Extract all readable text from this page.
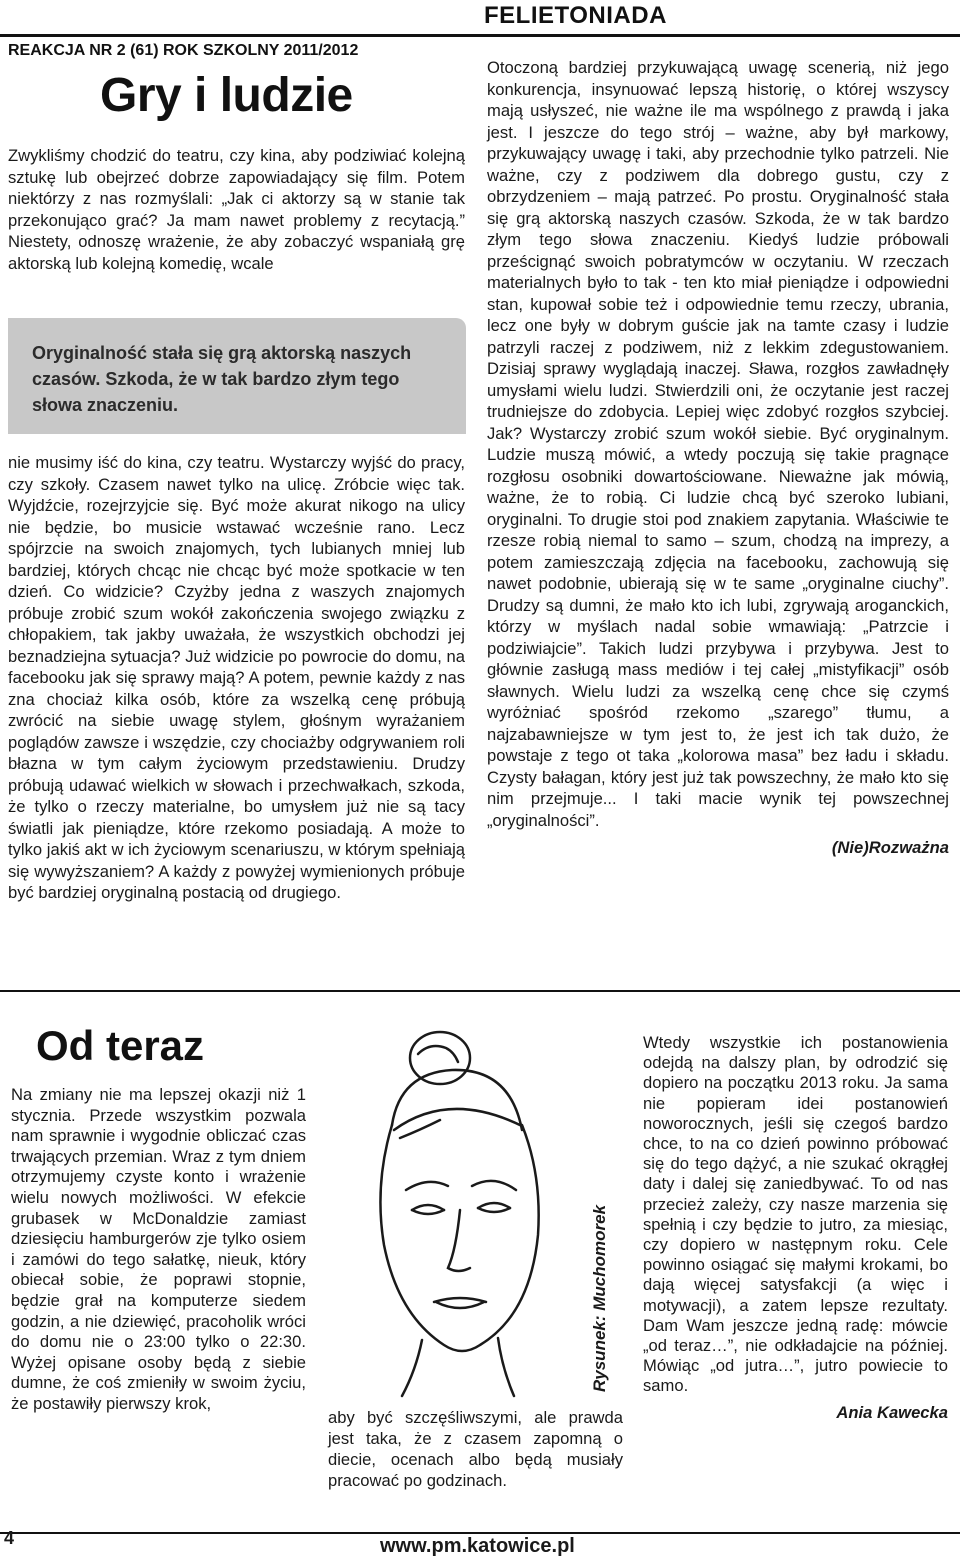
FELIETONIADA
REAKCJA NR 2 (61) ROK SZKOLNY 2011/2012
Gry i ludzie

Zwykliśmy chodzić do teatru, czy kina, aby podziwiać kolejną sztukę lub obejrzeć dobrze zapowiadający się film. Potem niektórzy z nas rozmyślali: „Jak ci aktorzy są w stanie tak przekonująco grać? Ja mam nawet problemy z recytacją.” Niestety, odnoszę wrażenie, że aby zobaczyć wspaniałą grę aktorską lub kolejną komedię, wcale

Oryginalność stała się grą aktorską naszych czasów. Szkoda, że w tak bardzo złym tego słowa znaczeniu.

nie musimy iść do kina, czy teatru. Wystarczy wyjść do pracy, czy szkoły. Czasem nawet tylko na ulicę. Zróbcie więc tak. Wyjdźcie, rozejrzyjcie się. Być może akurat nikogo na ulicy nie będzie, bo musicie wstawać wcześnie rano. Lecz spójrzcie na swoich znajomych, tych lubianych mniej lub bardziej, których chcąc nie chcąc być może spotkacie w ten dzień. Co widzicie? Czyżby jedna z waszych znajomych próbuje zrobić szum wokół zakończenia swojego związku z chłopakiem, tak jakby uważała, że wszystkich obchodzi jej beznadziejna sytuacja? Już widzicie po powrocie do domu, na facebooku jak się sprawy mają? A potem, pewnie każdy z nas zna chociaż kilka osób, które za wszelką cenę próbują zwrócić na siebie uwagę stylem, głośnym wyrażaniem poglądów zawsze i wszędzie, czy chociażby odgrywaniem roli błazna w tym całym życiowym przedstawieniu. Drudzy próbują udawać wielkich w słowach i przechwałkach, szkoda, że tylko o rzeczy materialne, bo umysłem już nie są tacy światli jak pieniądze, które rzekomo posiadają. A może to tylko jakiś akt w ich życiowym scenariuszu, w którym spełniają się wywyższaniem? A każdy z powyżej wymienionych próbuje być bardziej oryginalną postacią od drugiego.

Otoczoną bardziej przykuwającą uwagę scenerią, niż jego konkurencja, insynuować lepszą historię, o której wszyscy mają usłyszeć, nie ważne ile ma wspólnego z prawdą i jaka jest. I jeszcze do tego strój – ważne, aby był markowy, przykuwający uwagę i taki, aby przechodnie tylko patrzeli. Nie ważne, czy z podziwem dla dobrego gustu, czy z obrzydzeniem – mają patrzeć. Po prostu. Oryginalność stała się grą aktorską naszych czasów. Szkoda, że w tak bardzo złym tego słowa znaczeniu. Kiedyś ludzie próbowali prześcignąć swoich pobratymców w oczytaniu. W rzeczach materialnych było to tak - ten kto miał pieniądze i odpowiedni stan, kupował sobie też i odpowiednie temu rzeczy, ubrania, lecz one były w dobrym guście jak na tamte czasy i ludzie patrzyli raczej z podziwem, niż z lekkim zdegustowaniem. Dzisiaj sprawy wyglądają inaczej. Sława, rozgłos zawładnęły umysłami wielu ludzi. Stwierdzili oni, że oczytanie jest raczej trudniejsze do zdobycia. Lepiej więc zdobyć rozgłos szybciej. Jak? Wystarczy zrobić szum wokół siebie. Być oryginalnym. Ludzie muszą mówić, a wtedy poczują się takie pragnące rozgłosu osobniki dowartościowane. Nieważne jak mówią, ważne, że to robią. Ci ludzie chcą być szeroko lubiani, oryginalni. To drugie stoi pod znakiem zapytania. Właściwie te rzesze robią niemal to samo – szum, chodzą na imprezy, a potem zamieszczają zdjęcia na facebooku, zachowują się nawet podobnie, ubierają się w te same „oryginalne ciuchy”. Drudzy są dumni, że mało kto ich lubi, zgrywają aroganckich, którzy w myślach nadal sobie wmawiają: „Patrzcie i podziwiajcie”. Takich ludzi przybywa i przybywa. Jest to głównie zasługą mass mediów i tej całej „mistyfikacji” osób sławnych. Wielu ludzi za wszelką cenę chce się czymś wyróżniać spośród rzekomo „szarego” tłumu, a najzabawniejsze w tym jest to, że jest ich tak dużo, że powstaje z tego ot taka „kolorowa masa” bez ładu i składu. Czysty bałagan, który jest już tak powszechny, że mało kto się nim przejmuje... I taki macie wynik tej powszechnej „oryginalności”.

(Nie)Rozważna
Od teraz

Na zmiany nie ma lepszej okazji niż 1 stycznia. Przede wszystkim pozwala nam sprawnie i wygodnie obliczać czas trwających przemian. Wraz z tym dniem otrzymujemy czyste konto i wrażenie wielu nowych możliwości. W efekcie grubasek w McDonaldzie zamiast dziesięciu hamburgerów zje tylko osiem i zamówi do tego sałatkę, nieuk, który obiecał sobie, że poprawi stopnie, będzie grał na komputerze siedem godzin, a nie dziewięć, pracoholik wróci do domu nie o 23:00 tylko o 22:30. Wyżej opisane osoby będą z siebie dumne, że coś zmieniły w swoim życiu, że postawiły pierwszy krok,

Rysunek: Muchomorek

aby być szczęśliwszymi, ale prawda jest taka, że z czasem zapomną o diecie, ocenach albo będą musiały pracować po godzinach.

Wtedy wszystkie ich postanowienia odejdą na dalszy plan, by odrodzić się dopiero na początku 2013 roku. Ja sama nie popieram idei postanowień noworocznych, jeśli się czegoś bardzo chce, to na co dzień powinno próbować się do tego dążyć, a nie szukać okrągłej daty i dalej się zaniedbywać. To od nas przecież zależy, czy nasze marzenia się spełnią i czy będzie to jutro, za miesiąc, czy dopiero w następnym roku. Cele powinno osiągać się małymi krokami, bo dają więcej satysfakcji (a więc i motywacji), a zatem lepsze rezultaty. Dam Wam jeszcze jedną radę: mówcie „od teraz…”, nie odkładajcie na później. Mówiąc „od jutra…”, jutro powiecie to samo.

Ania Kawecka
4	www.pm.katowice.pl
